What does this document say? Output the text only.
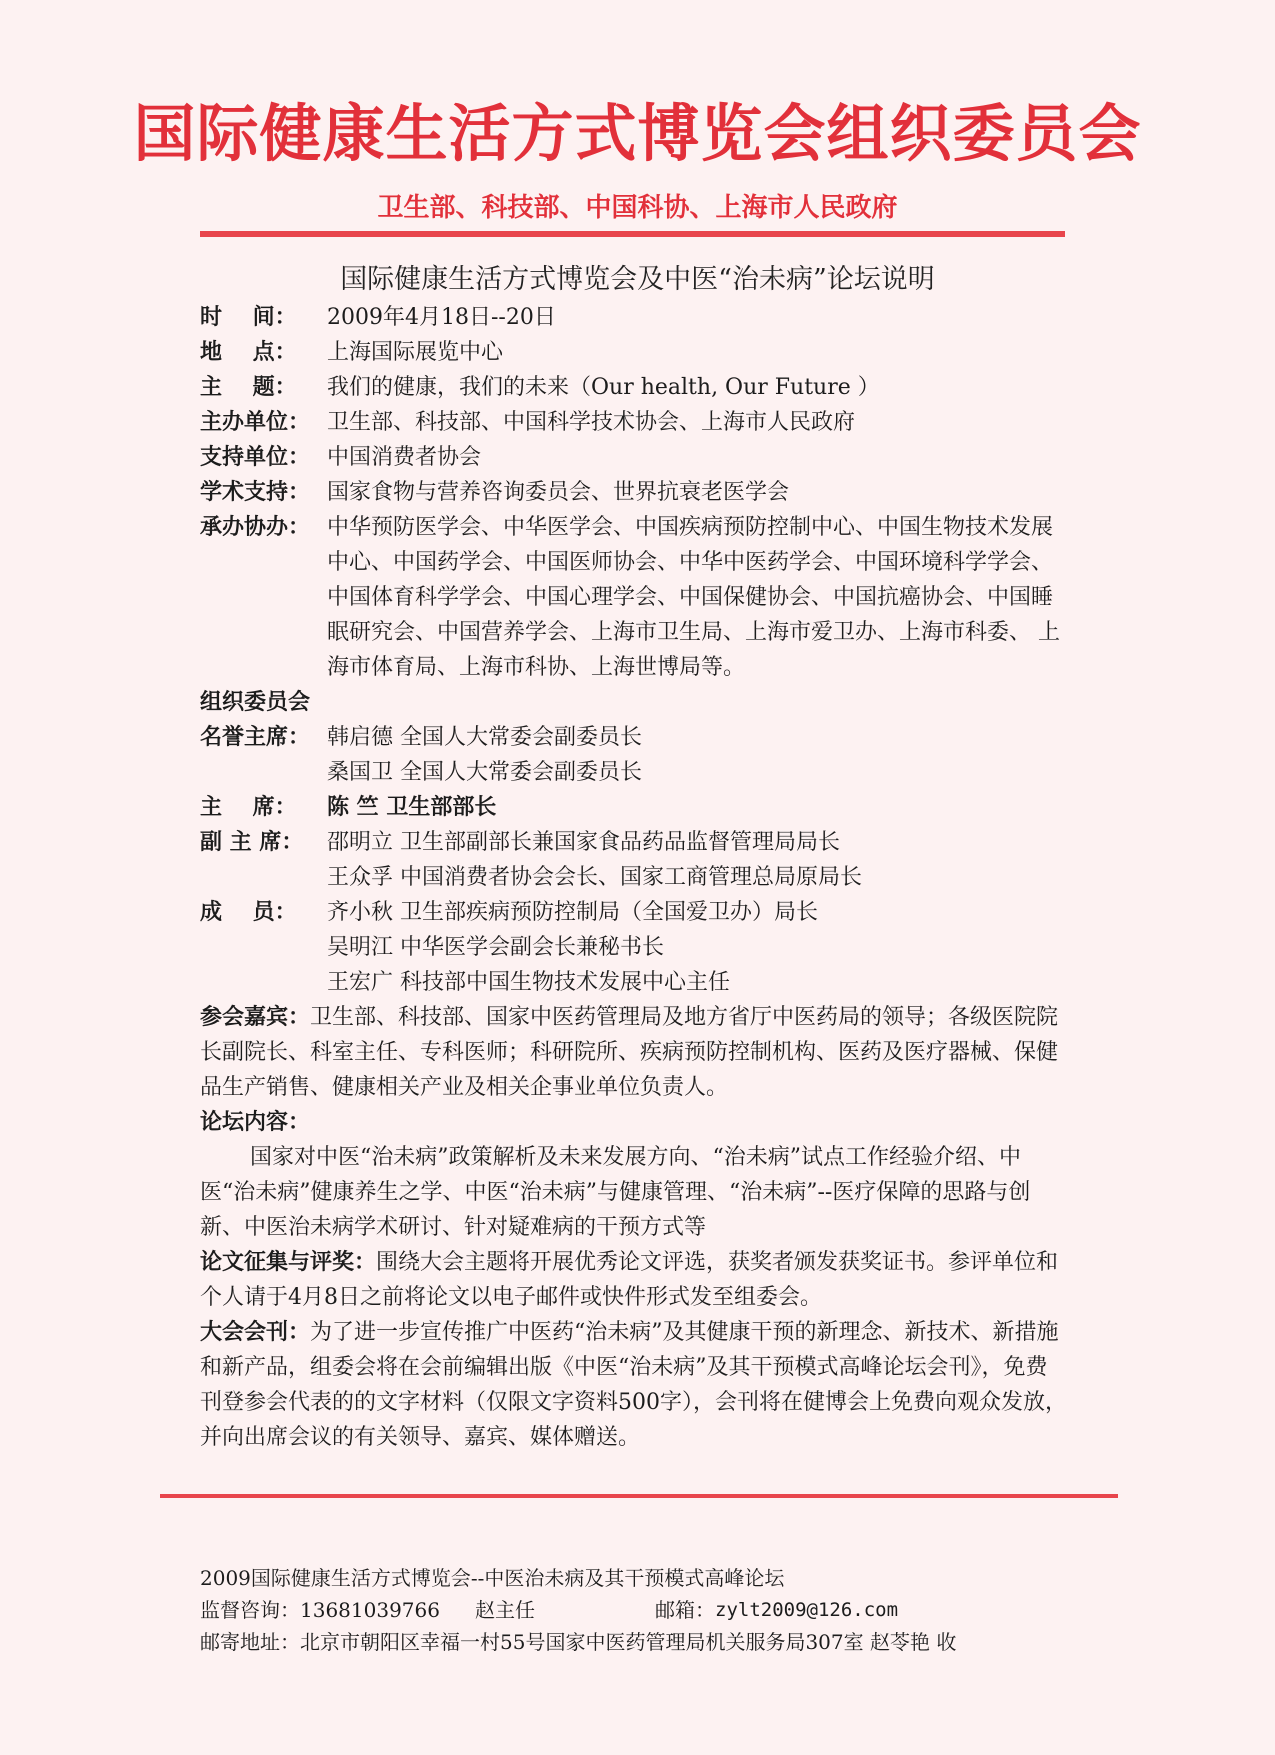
国际健康生活方式博览会组织委员会
卫生部、科技部、中国科协、上海市人民政府
国际健康生活方式博览会及中医“治未病”论坛说明
时    间：	2009年4月18日--20日
地    点：	上海国际展览中心
主    题：	我们的健康，我们的未来（Our health, Our Future ）
主办单位： 卫生部、科技部、中国科学技术协会、上海市人民政府
支持单位： 中国消费者协会
学术支持： 国家食物与营养咨询委员会、世界抗衰老医学会
承办协办： 中华预防医学会、中华医学会、中国疾病预防控制中心、中国生物技术发展中心、中国药学会、中国医师协会、中华中医药学会、中国环境科学学会、中国体育科学学会、中国心理学会、中国保健协会、中国抗癌协会、中国睡眠研究会、中国营养学会、上海市卫生局、上海市爱卫办、上海市科委、 上海市体育局、上海市科协、上海世博局等。
组织委员会
名誉主席： 韩启德 全国人大常委会副委员长
桑国卫 全国人大常委会副委员长
主    席：	陈 竺 卫生部部长
副 主 席：	邵明立 卫生部副部长兼国家食品药品监督管理局局长
王众孚 中国消费者协会会长、国家工商管理总局原局长
成    员：	齐小秋 卫生部疾病预防控制局（全国爱卫办）局长
吴明江 中华医学会副会长兼秘书长
王宏广 科技部中国生物技术发展中心主任
参会嘉宾：卫生部、科技部、国家中医药管理局及地方省厅中医药局的领导；各级医院院长副院长、科室主任、专科医师；科研院所、疾病预防控制机构、医药及医疗器械、保健品生产销售、健康相关产业及相关企事业单位负责人。
论坛内容：
国家对中医“治未病”政策解析及未来发展方向、“治未病”试点工作经验介绍、中医“治未病”健康养生之学、中医“治未病”与健康管理、“治未病”--医疗保障的思路与创新、中医治未病学术研讨、针对疑难病的干预方式等
论文征集与评奖：围绕大会主题将开展优秀论文评选，获奖者颁发获奖证书。参评单位和个人请于4月8日之前将论文以电子邮件或快件形式发至组委会。
大会会刊：为了进一步宣传推广中医药“治未病”及其健康干预的新理念、新技术、新措施和新产品，组委会将在会前编辑出版《中医“治未病”及其干预模式高峰论坛会刊》，免费刊登参会代表的的文字材料（仅限文字资料500字），会刊将在健博会上免费向观众发放，并向出席会议的有关领导、嘉宾、媒体赠送。
2009国际健康生活方式博览会--中医治未病及其干预模式高峰论坛
监督咨询： 13681039766	赵主任	邮箱： zylt2009@126.com
邮寄地址：北京市朝阳区幸福一村55号国家中医药管理局机关服务局307室 赵苓艳 收
